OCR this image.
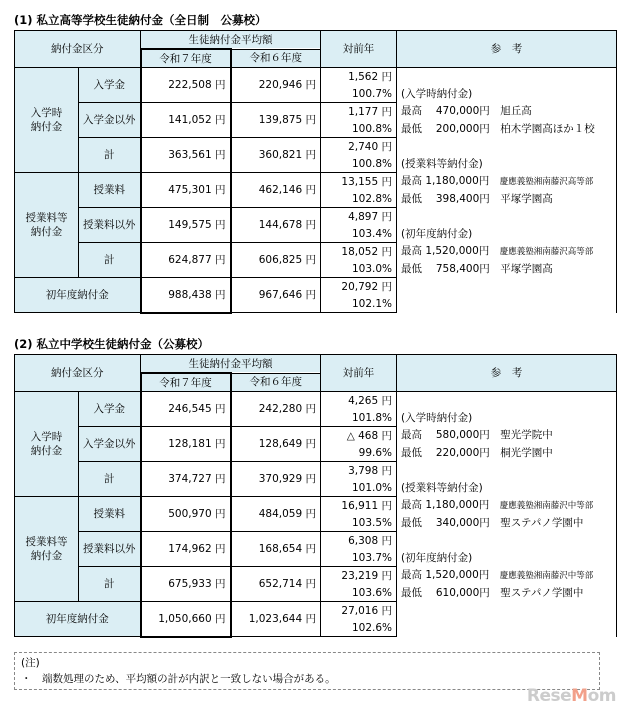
(1) 私立高等学校生徒納付金（全日制　公募校）
納付金区分		生徒納付金平均額		対前年	参　考
		令和７年度	令和６年度		

入学時
納付金	入学金	222,508 円	220,946 円	1,562 円	
				100.7%	(入学時納付金)
	入学金以外	141,052 円	139,875 円	1,177 円	最高　 470,000円　旭丘高
				100.8%	最低　 200,000円　柏木学園高ほか１校
	計	363,561 円	360,821 円	2,740 円	
				100.8%	(授業料等納付金)

授業料等
納付金	授業料	475,301 円	462,146 円	13,155 円	最高 1,180,000円　慶應義塾湘南藤沢高等部
				102.8%	最低　 398,400円　平塚学園高
	授業料以外	149,575 円	144,678 円	4,897 円	
				103.4%	(初年度納付金)
	計	624,877 円	606,825 円	18,052 円	最高 1,520,000円　慶應義塾湘南藤沢高等部
				103.0%	最低　 758,400円　平塚学園高
初年度納付金		988,438 円	967,646 円	20,792 円	
				102.1%	
(2) 私立中学校生徒納付金（公募校）
納付金区分		生徒納付金平均額		対前年	参　考
		令和７年度	令和６年度		

入学時
納付金	入学金	246,545 円	242,280 円	4,265 円	
				101.8%	(入学時納付金)
	入学金以外	128,181 円	128,649 円	△ 468 円	最高　 580,000円　聖光学院中
				99.6%	最低　 220,000円　桐光学園中
	計	374,727 円	370,929 円	3,798 円	
				101.0%	(授業料等納付金)

授業料等
納付金	授業料	500,970 円	484,059 円	16,911 円	最高 1,180,000円　慶應義塾湘南藤沢中等部
				103.5%	最低　 340,000円　聖ステパノ学園中
	授業料以外	174,962 円	168,654 円	6,308 円	
				103.7%	(初年度納付金)
	計	675,933 円	652,714 円	23,219 円	最高 1,520,000円　慶應義塾湘南藤沢中等部
				103.6%	最低　 610,000円　聖ステパノ学園中
初年度納付金		1,050,660 円	1,023,644 円	27,016 円	
				102.6%	
(注)
・　端数処理のため、平均額の計が内訳と一致しない場合がある。
ReseMom
